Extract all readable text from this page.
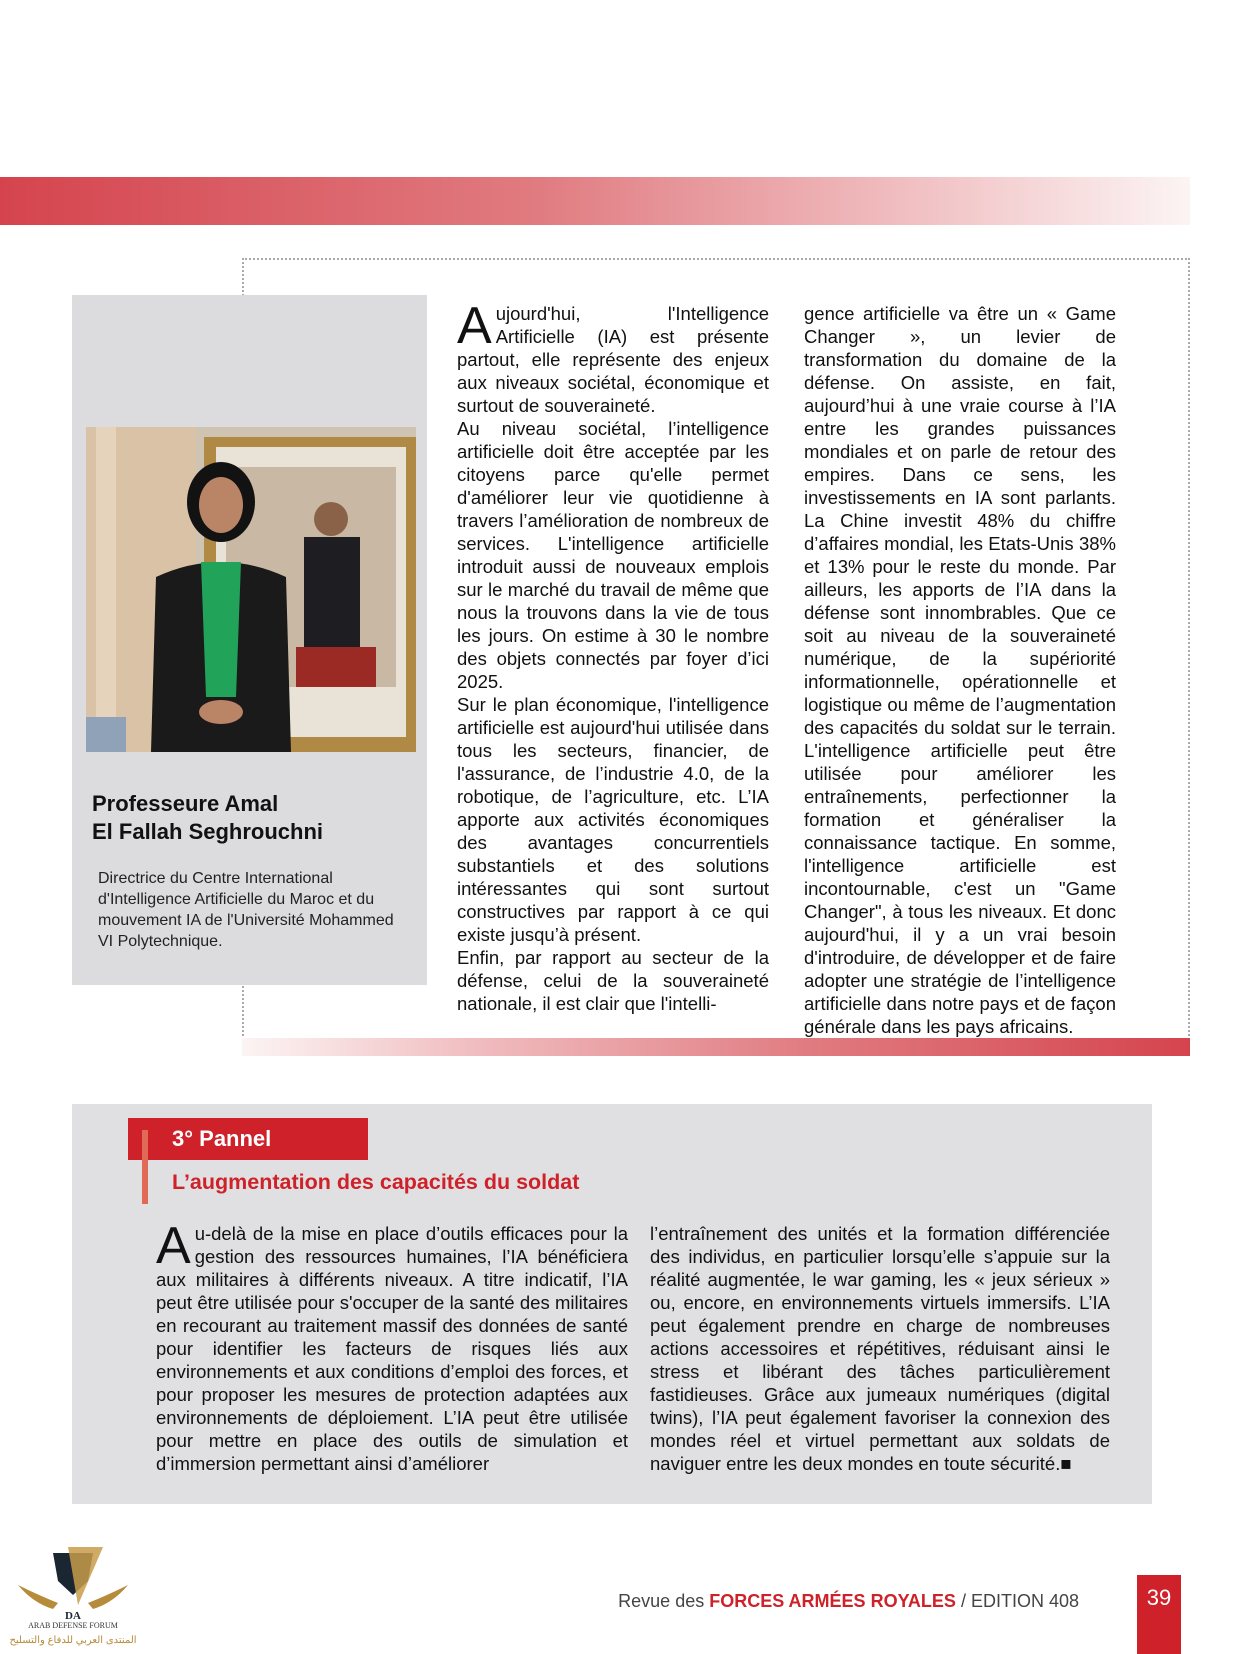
Professeure Amal
El Fallah Seghrouchni
Directrice du Centre International d'Intelligence Artificielle du Maroc et du mouvement IA de l'Université Mohammed VI Polytechnique.

Aujourd'hui, l'Intelligence Artificielle (IA) est présente partout, elle représente des enjeux aux niveaux sociétal, économique et surtout de souveraineté.

Au niveau sociétal, l’intelligence artificielle doit être acceptée par les citoyens parce qu'elle permet d'améliorer leur vie quotidienne à travers l’amélioration de nombreux de services. L'intelligence artificielle introduit aussi de nouveaux emplois sur le marché du travail de même que nous la trouvons dans la vie de tous les jours. On estime à 30 le nombre des objets connectés par foyer d’ici 2025.

Sur le plan économique, l'intelligence artificielle est aujourd'hui utilisée dans tous les secteurs, financier, de l'assurance, de l’industrie 4.0, de la robotique, de l’agriculture, etc. L’IA apporte aux activités économiques des avantages concurrentiels substantiels et des solutions intéressantes qui sont surtout constructives par rapport à ce qui existe jusqu’à présent.

Enfin, par rapport au secteur de la défense, celui de la souveraineté nationale, il est clair que l'intelli-

gence artificielle va être un « Game Changer », un levier de transformation du domaine de la défense. On assiste, en fait, aujourd’hui à une vraie course à l’IA entre les grandes puissances mondiales et on parle de retour des empires. Dans ce sens, les investissements en IA sont parlants. La Chine investit 48% du chiffre d’affaires mondial, les Etats-Unis 38% et 13% pour le reste du monde. Par ailleurs, les apports de l’IA dans la défense sont innombrables. Que ce soit au niveau de la souveraineté numérique, de la supériorité informationnelle, opérationnelle et logistique ou même de l’augmentation des capacités du soldat sur le terrain. L'intelligence artificielle peut être utilisée pour améliorer les entraînements, perfectionner la formation et généraliser la connaissance tactique. En somme, l'intelligence artificielle est incontournable, c'est un "Game Changer", à tous les niveaux. Et donc aujourd'hui, il y a un vrai besoin d'introduire, de développer et de faire adopter une stratégie de l’intelligence artificielle dans notre pays et de façon générale dans les pays africains.

3° Pannel
L’augmentation des capacités du soldat
Au-delà de la mise en place d’outils efficaces pour la gestion des ressources humaines, l’IA bénéficiera aux militaires à différents niveaux. A titre indicatif, l’IA peut être utilisée pour s'occuper de la santé des militaires en recourant au traitement massif des données de santé pour identifier les facteurs de risques liés aux environnements et aux conditions d’emploi des forces, et pour proposer les mesures de protection adaptées aux environnements de déploiement. L’IA peut être utilisée pour mettre en place des outils de simulation et d’immersion permettant ainsi d’améliorer
l’entraînement des unités et la formation différenciée des individus, en particulier lorsqu’elle s’appuie sur la réalité augmentée, le war gaming, les « jeux sérieux » ou, encore, en environnements virtuels immersifs. L’IA peut également prendre en charge de nombreuses actions accessoires et répétitives, réduisant ainsi le stress et libérant des tâches particulièrement fastidieuses. Grâce aux jumeaux numériques (digital twins), l’IA peut également favoriser la connexion des mondes réel et virtuel permettant aux soldats de naviguer entre les deux mondes en toute sécurité.■
DA
ARAB DEFENSE FORUM
المنتدى العربي للدفاع والتسليح
Revue des FORCES ARMÉES ROYALES / EDITION 408	39
